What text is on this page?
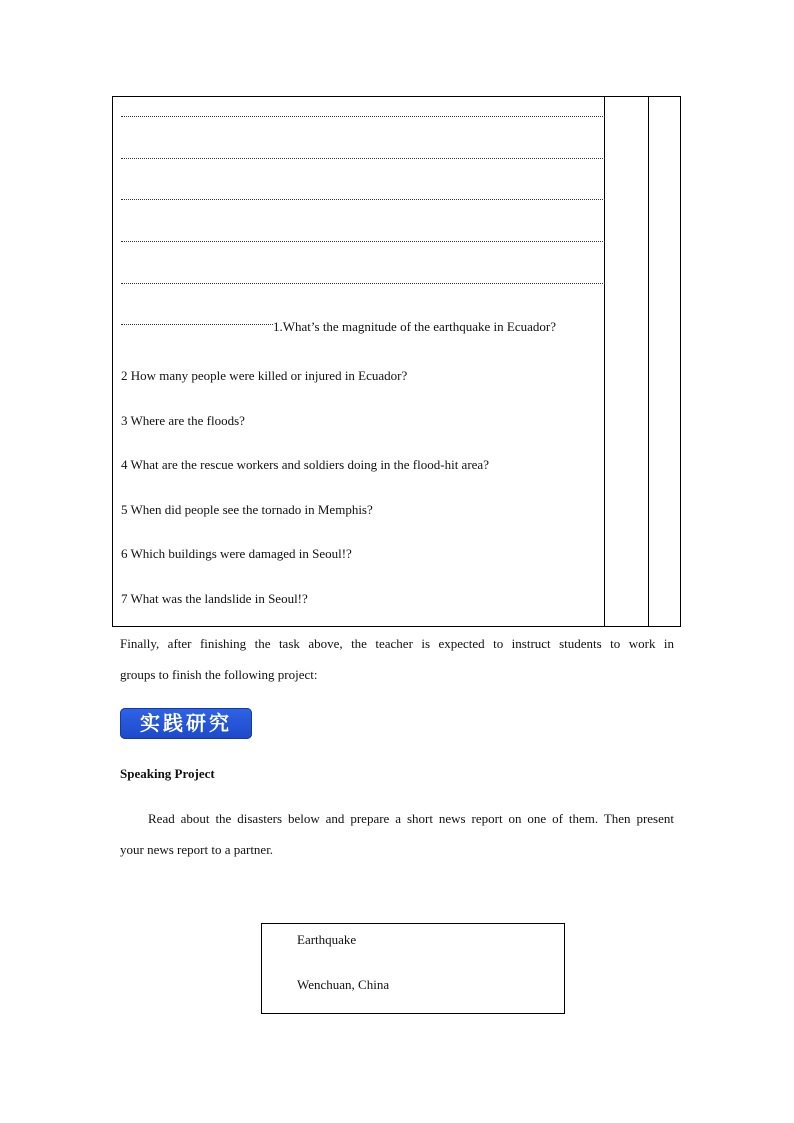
1.What’s the magnitude of the earthquake in Ecuador?
2 How many people were killed or injured in Ecuador?
3 Where are the floods?
4 What are the rescue workers and soldiers doing in the flood-hit area?
5 When did people see the tornado in Memphis?
6 Which buildings were damaged in Seoul!?
7 What was the landslide in Seoul!?
Finally, after finishing the task above, the teacher is expected to instruct students to work in
groups to finish the following project:
实践研究
Speaking Project
Read about the disasters below and prepare a short news report on one of them. Then present
your news report to a partner.
Earthquake
Wenchuan, China
